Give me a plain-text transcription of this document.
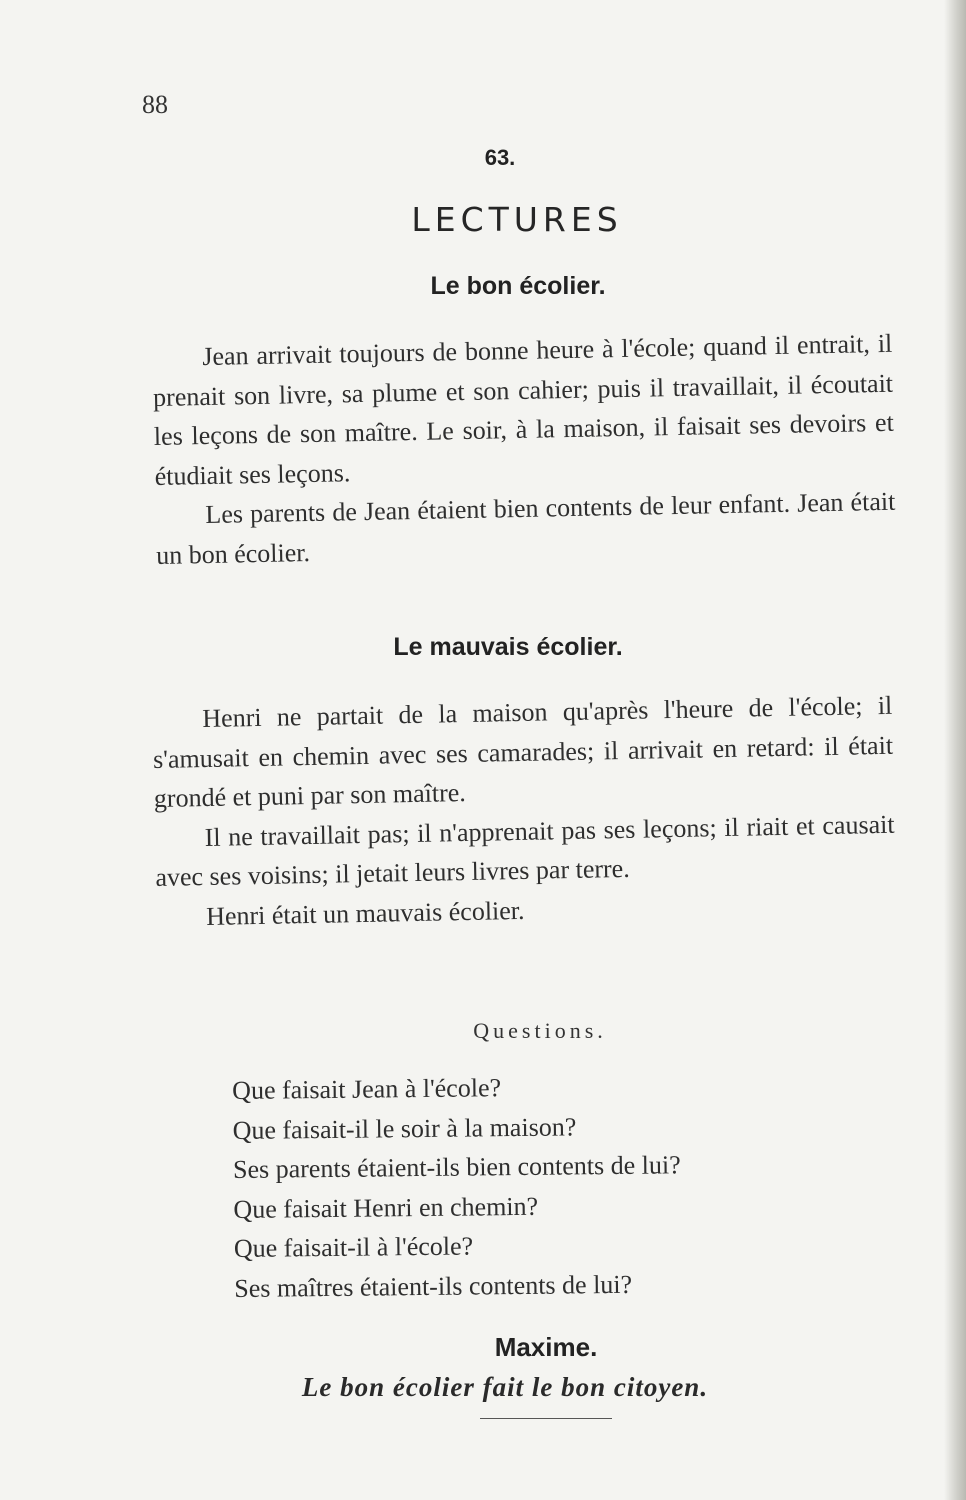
88
63.
LECTURES
Le bon écolier.

Jean arrivait toujours de bonne heure à l'école; quand il entrait, il prenait son livre, sa plume et son cahier; puis il travaillait, il écoutait les leçons de son maître. Le soir, à la maison, il faisait ses devoirs et étudiait ses leçons.

Les parents de Jean étaient bien contents de leur enfant. Jean était un bon écolier.

Le mauvais écolier.

Henri ne partait de la maison qu'après l'heure de l'école; il s'amusait en chemin avec ses camarades; il arrivait en retard: il était grondé et puni par son maître.

Il ne travaillait pas; il n'apprenait pas ses leçons; il riait et causait avec ses voisins; il jetait leurs livres par terre.

Henri était un mauvais écolier.

Questions.
Que faisait Jean à l'école?
Que faisait-il le soir à la maison?
Ses parents étaient-ils bien contents de lui?
Que faisait Henri en chemin?
Que faisait-il à l'école?
Ses maîtres étaient-ils contents de lui?
Maxime.
Le bon écolier fait le bon citoyen.
